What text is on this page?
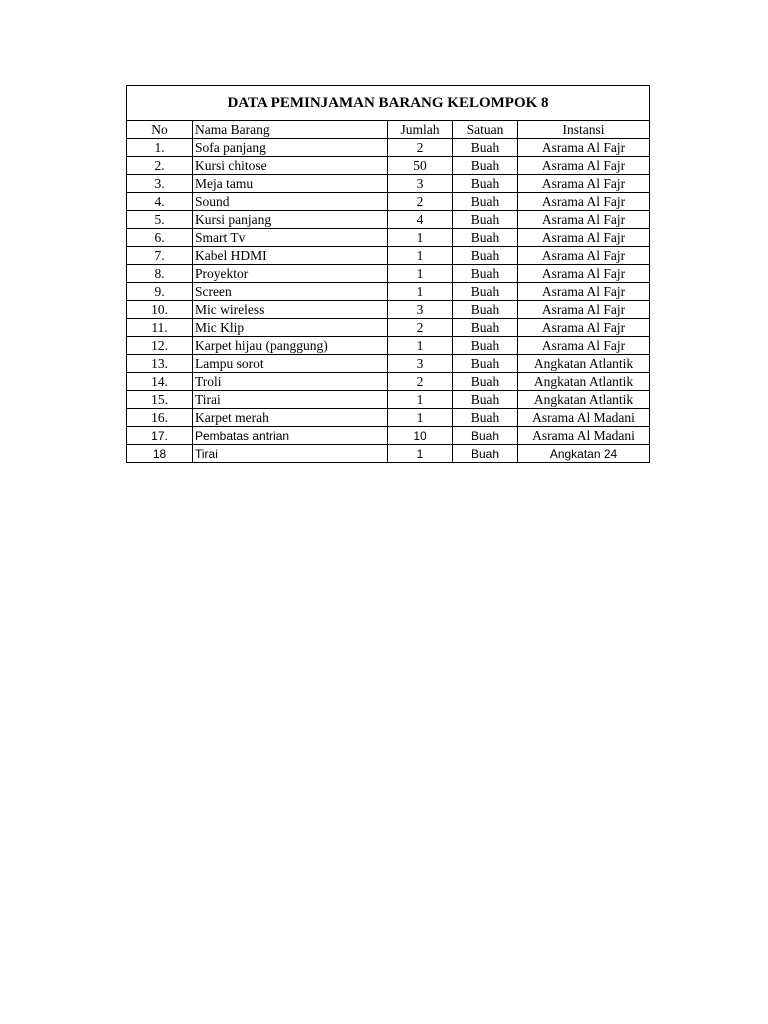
DATA PEMINJAMAN BARANG KELOMPOK 8				
No	Nama Barang	Jumlah	Satuan	Instansi
1.	Sofa panjang	2	Buah	Asrama Al Fajr
2.	Kursi chitose	50	Buah	Asrama Al Fajr
3.	Meja tamu	3	Buah	Asrama Al Fajr
4.	Sound	2	Buah	Asrama Al Fajr
5.	Kursi panjang	4	Buah	Asrama Al Fajr
6.	Smart Tv	1	Buah	Asrama Al Fajr
7.	Kabel HDMI	1	Buah	Asrama Al Fajr
8.	Proyektor	1	Buah	Asrama Al Fajr
9.	Screen	1	Buah	Asrama Al Fajr
10.	Mic wireless	3	Buah	Asrama Al Fajr
11.	Mic Klip	2	Buah	Asrama Al Fajr
12.	Karpet hijau (panggung)	1	Buah	Asrama Al Fajr
13.	Lampu sorot	3	Buah	Angkatan Atlantik
14.	Troli	2	Buah	Angkatan Atlantik
15.	Tirai	1	Buah	Angkatan Atlantik
16.	Karpet merah	1	Buah	Asrama Al Madani
17.	Pembatas antrian	10	Buah	Asrama Al Madani
18	Tirai	1	Buah	Angkatan 24
